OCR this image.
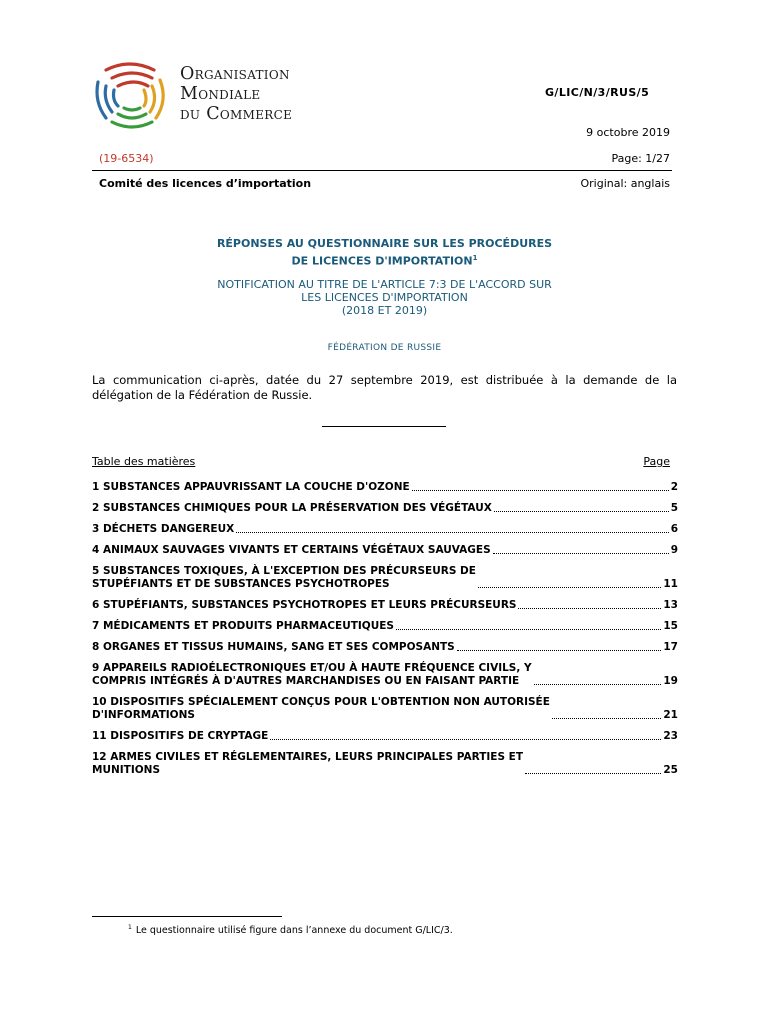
Organisation
Mondiale
du Commerce
G/LIC/N/3/RUS/5
9 octobre 2019
(19-6534)	Page: 1/27
Comité des licences d’importation	Original: anglais
RÉPONSES AU QUESTIONNAIRE SUR LES PROCÉDURES
DE LICENCES D'IMPORTATION$^1$
NOTIFICATION AU TITRE DE L'ARTICLE 7:3 DE L'ACCORD SUR
LES LICENCES D'IMPORTATION
(2018 ET 2019)
FÉDÉRATION DE RUSSIE
La communication ci-après, datée du 27 septembre 2019, est distribuée à la demande de la délégation de la Fédération de Russie.
Table des matières	Page
1 SUBSTANCES APPAUVRISSANT LA COUCHE D'OZONE	2
2 SUBSTANCES CHIMIQUES POUR LA PRÉSERVATION DES VÉGÉTAUX	5
3 DÉCHETS DANGEREUX	6
4 ANIMAUX SAUVAGES VIVANTS ET CERTAINS VÉGÉTAUX SAUVAGES	9
5 SUBSTANCES TOXIQUES, À L'EXCEPTION DES PRÉCURSEURS DE
STUPÉFIANTS ET DE SUBSTANCES PSYCHOTROPES	11
6 STUPÉFIANTS, SUBSTANCES PSYCHOTROPES ET LEURS PRÉCURSEURS	13
7 MÉDICAMENTS ET PRODUITS PHARMACEUTIQUES	15
8 ORGANES ET TISSUS HUMAINS, SANG ET SES COMPOSANTS	17
9 APPAREILS RADIOÉLECTRONIQUES ET/OU À HAUTE FRÉQUENCE CIVILS, Y
COMPRIS INTÉGRÉS À D'AUTRES MARCHANDISES OU EN FAISANT PARTIE	19
10 DISPOSITIFS SPÉCIALEMENT CONÇUS POUR L'OBTENTION NON AUTORISÉE
D'INFORMATIONS	21
11 DISPOSITIFS DE CRYPTAGE	23
12 ARMES CIVILES ET RÉGLEMENTAIRES, LEURS PRINCIPALES PARTIES ET
MUNITIONS	25
$^1$ Le questionnaire utilisé figure dans l’annexe du document G/LIC/3.
